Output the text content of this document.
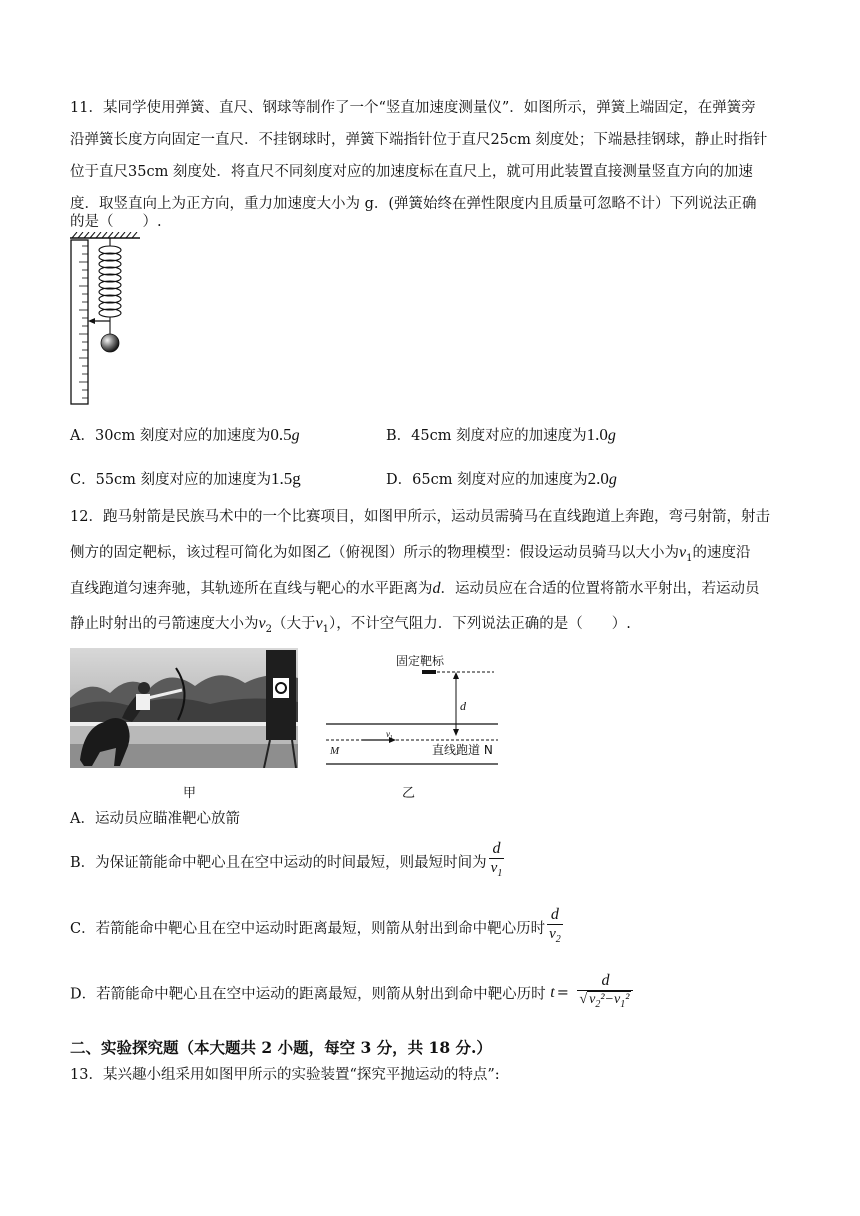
11．某同学使用弹簧、直尺、钢球等制作了一个“竖直加速度测量仪”．如图所示，弹簧上端固定，在弹簧旁
沿弹簧长度方向固定一直尺．不挂钢球时，弹簧下端指针位于直尺25cm 刻度处；下端悬挂钢球，静止时指针
位于直尺35cm 刻度处．将直尺不同刻度对应的加速度标在直尺上，就可用此装置直接测量竖直方向的加速
度．取竖直向上为正方向，重力加速度大小为 g．(弹簧始终在弹性限度内且质量可忽略不计）下列说法正确
的是（　　）.
A．30cm 刻度对应的加速度为0.5g	B．45cm 刻度对应的加速度为1.0g
C．55cm 刻度对应的加速度为1.5g	D．65cm 刻度对应的加速度为2.0g
12．跑马射箭是民族马术中的一个比赛项目，如图甲所示，运动员需骑马在直线跑道上奔跑，弯弓射箭，射击
侧方的固定靶标，该过程可简化为如图乙（俯视图）所示的物理模型：假设运动员骑马以大小为$v_1$的速度沿
直线跑道匀速奔驰，其轨迹所在直线与靶心的水平距离为d．运动员应在合适的位置将箭水平射出，若运动员
静止时射出的弓箭速度大小为$v_2$（大于$v_1$），不计空气阻力．下列说法正确的是（　　）.
甲
固定靶标
d
$v_1$
M	直线跑道 N
乙
A．运动员应瞄准靶心放箭
B．为保证箭能命中靶心且在空中运动的时间最短，则最短时间为 $\frac{d}{v_1}$
C．若箭能命中靶心且在空中运动时距离最短，则箭从射出到命中靶心历时 $\frac{d}{v_2}$
D．若箭能命中靶心且在空中运动的距离最短，则箭从射出到命中靶心历时 $t = \frac{d}{√ v_2^2-v_1^2}$
二、实验探究题（本大题共 2 小题，每空 3 分，共 18 分.）
13．某兴趣小组采用如图甲所示的实验装置“探究平抛运动的特点”:
